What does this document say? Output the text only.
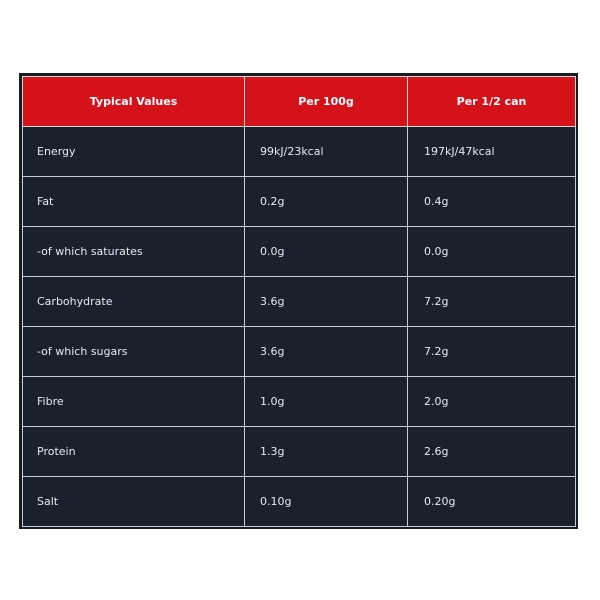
Typical Values	Per 100g	Per 1/2 can
Energy	99kJ/23kcal	197kJ/47kcal
Fat	0.2g	0.4g
-of which saturates	0.0g	0.0g
Carbohydrate	3.6g	7.2g
-of which sugars	3.6g	7.2g
Fibre	1.0g	2.0g
Protein	1.3g	2.6g
Salt	0.10g	0.20g
